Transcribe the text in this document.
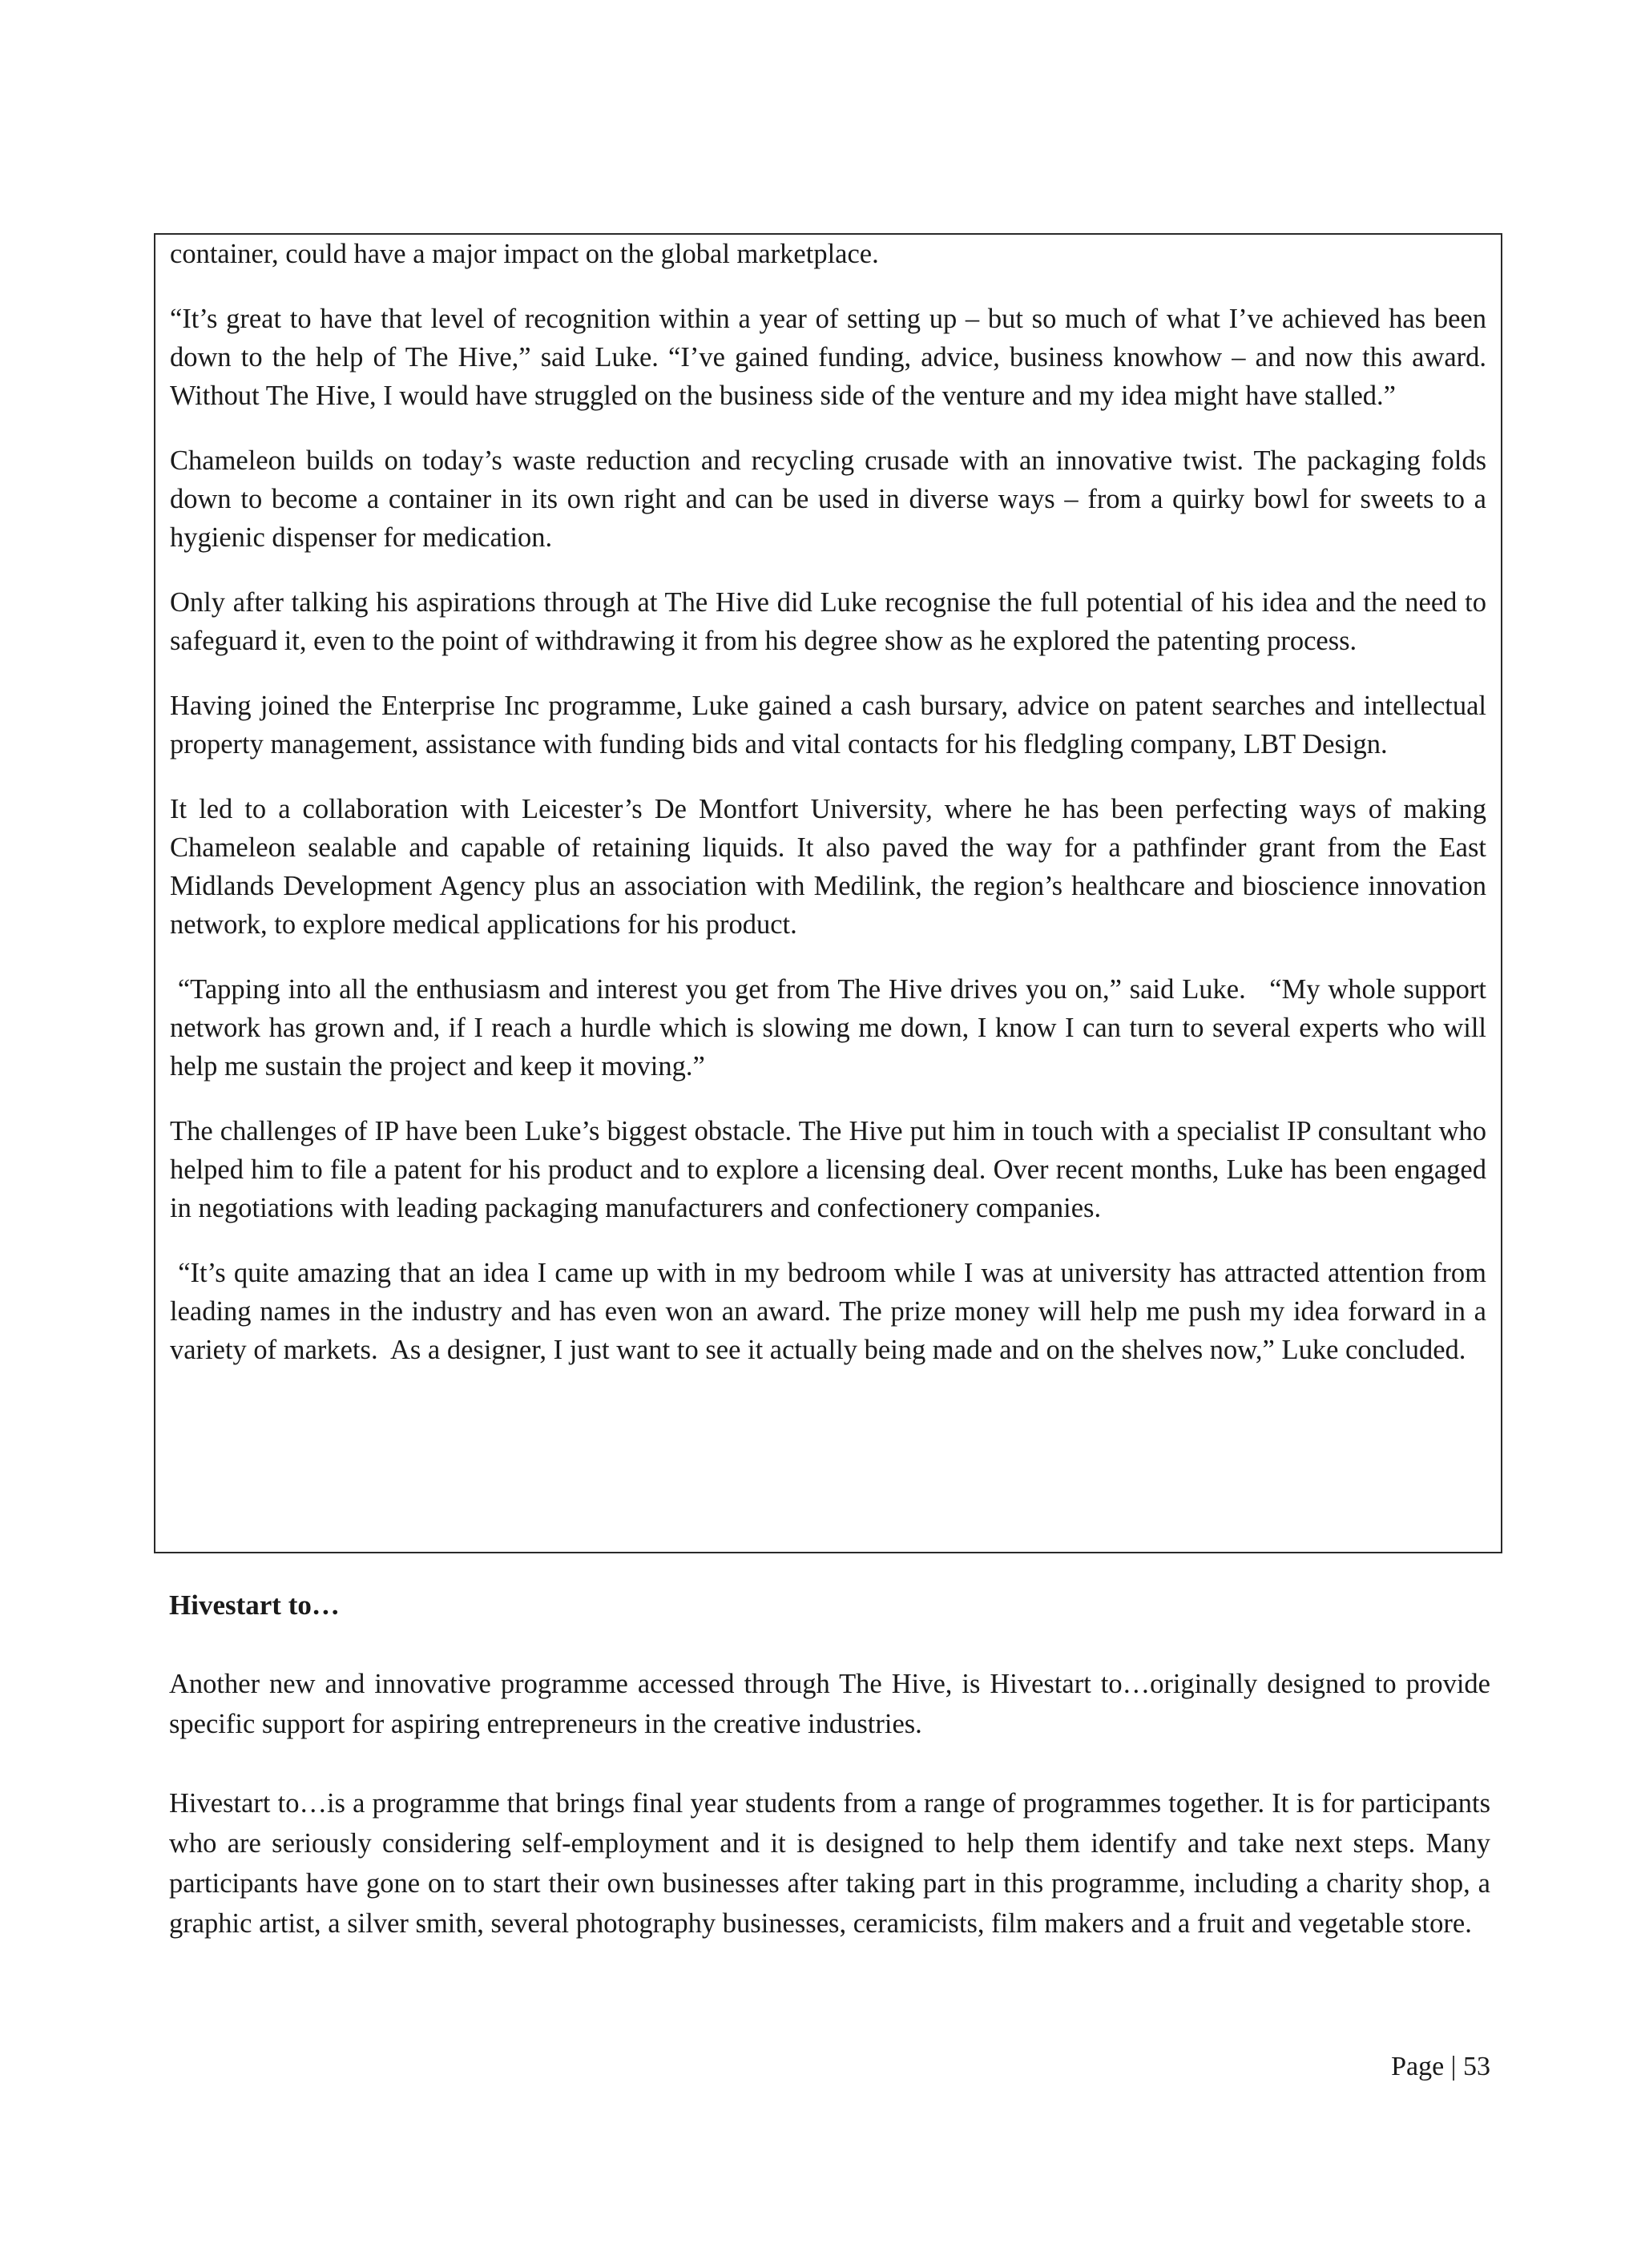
container, could have a major impact on the global marketplace.

“It’s great to have that level of recognition within a year of setting up – but so much of what I’ve achieved has been down to the help of The Hive,” said Luke. “I’ve gained funding, advice, business knowhow – and now this award. Without The Hive, I would have struggled on the business side of the venture and my idea might have stalled.”

Chameleon builds on today’s waste reduction and recycling crusade with an innovative twist. The packaging folds down to become a container in its own right and can be used in diverse ways – from a quirky bowl for sweets to a hygienic dispenser for medication.

Only after talking his aspirations through at The Hive did Luke recognise the full potential of his idea and the need to safeguard it, even to the point of withdrawing it from his degree show as he explored the patenting process.

Having joined the Enterprise Inc programme, Luke gained a cash bursary, advice on patent searches and intellectual property management, assistance with funding bids and vital contacts for his fledgling company, LBT Design.

It led to a collaboration with Leicester’s De Montfort University, where he has been perfecting ways of making Chameleon sealable and capable of retaining liquids. It also paved the way for a pathfinder grant from the East Midlands Development Agency plus an association with Medilink, the region’s healthcare and bioscience innovation network, to explore medical applications for his product.

“Tapping into all the enthusiasm and interest you get from The Hive drives you on,” said Luke.   “My whole support network has grown and, if I reach a hurdle which is slowing me down, I know I can turn to several experts who will help me sustain the project and keep it moving.”

The challenges of IP have been Luke’s biggest obstacle. The Hive put him in touch with a specialist IP consultant who helped him to file a patent for his product and to explore a licensing deal. Over recent months, Luke has been engaged in negotiations with leading packaging manufacturers and confectionery companies.

“It’s quite amazing that an idea I came up with in my bedroom while I was at university has attracted attention from leading names in the industry and has even won an award. The prize money will help me push my idea forward in a variety of markets.  As a designer, I just want to see it actually being made and on the shelves now,” Luke concluded.

Hivestart to…

Another new and innovative programme accessed through The Hive, is Hivestart to…originally designed to provide specific support for aspiring entrepreneurs in the creative industries.

Hivestart to…is a programme that brings final year students from a range of programmes together. It is for participants who are seriously considering self-employment and it is designed to help them identify and take next steps. Many participants have gone on to start their own businesses after taking part in this programme, including a charity shop, a graphic artist, a silver smith, several photography businesses, ceramicists, film makers and a fruit and vegetable store.

Page | 53
